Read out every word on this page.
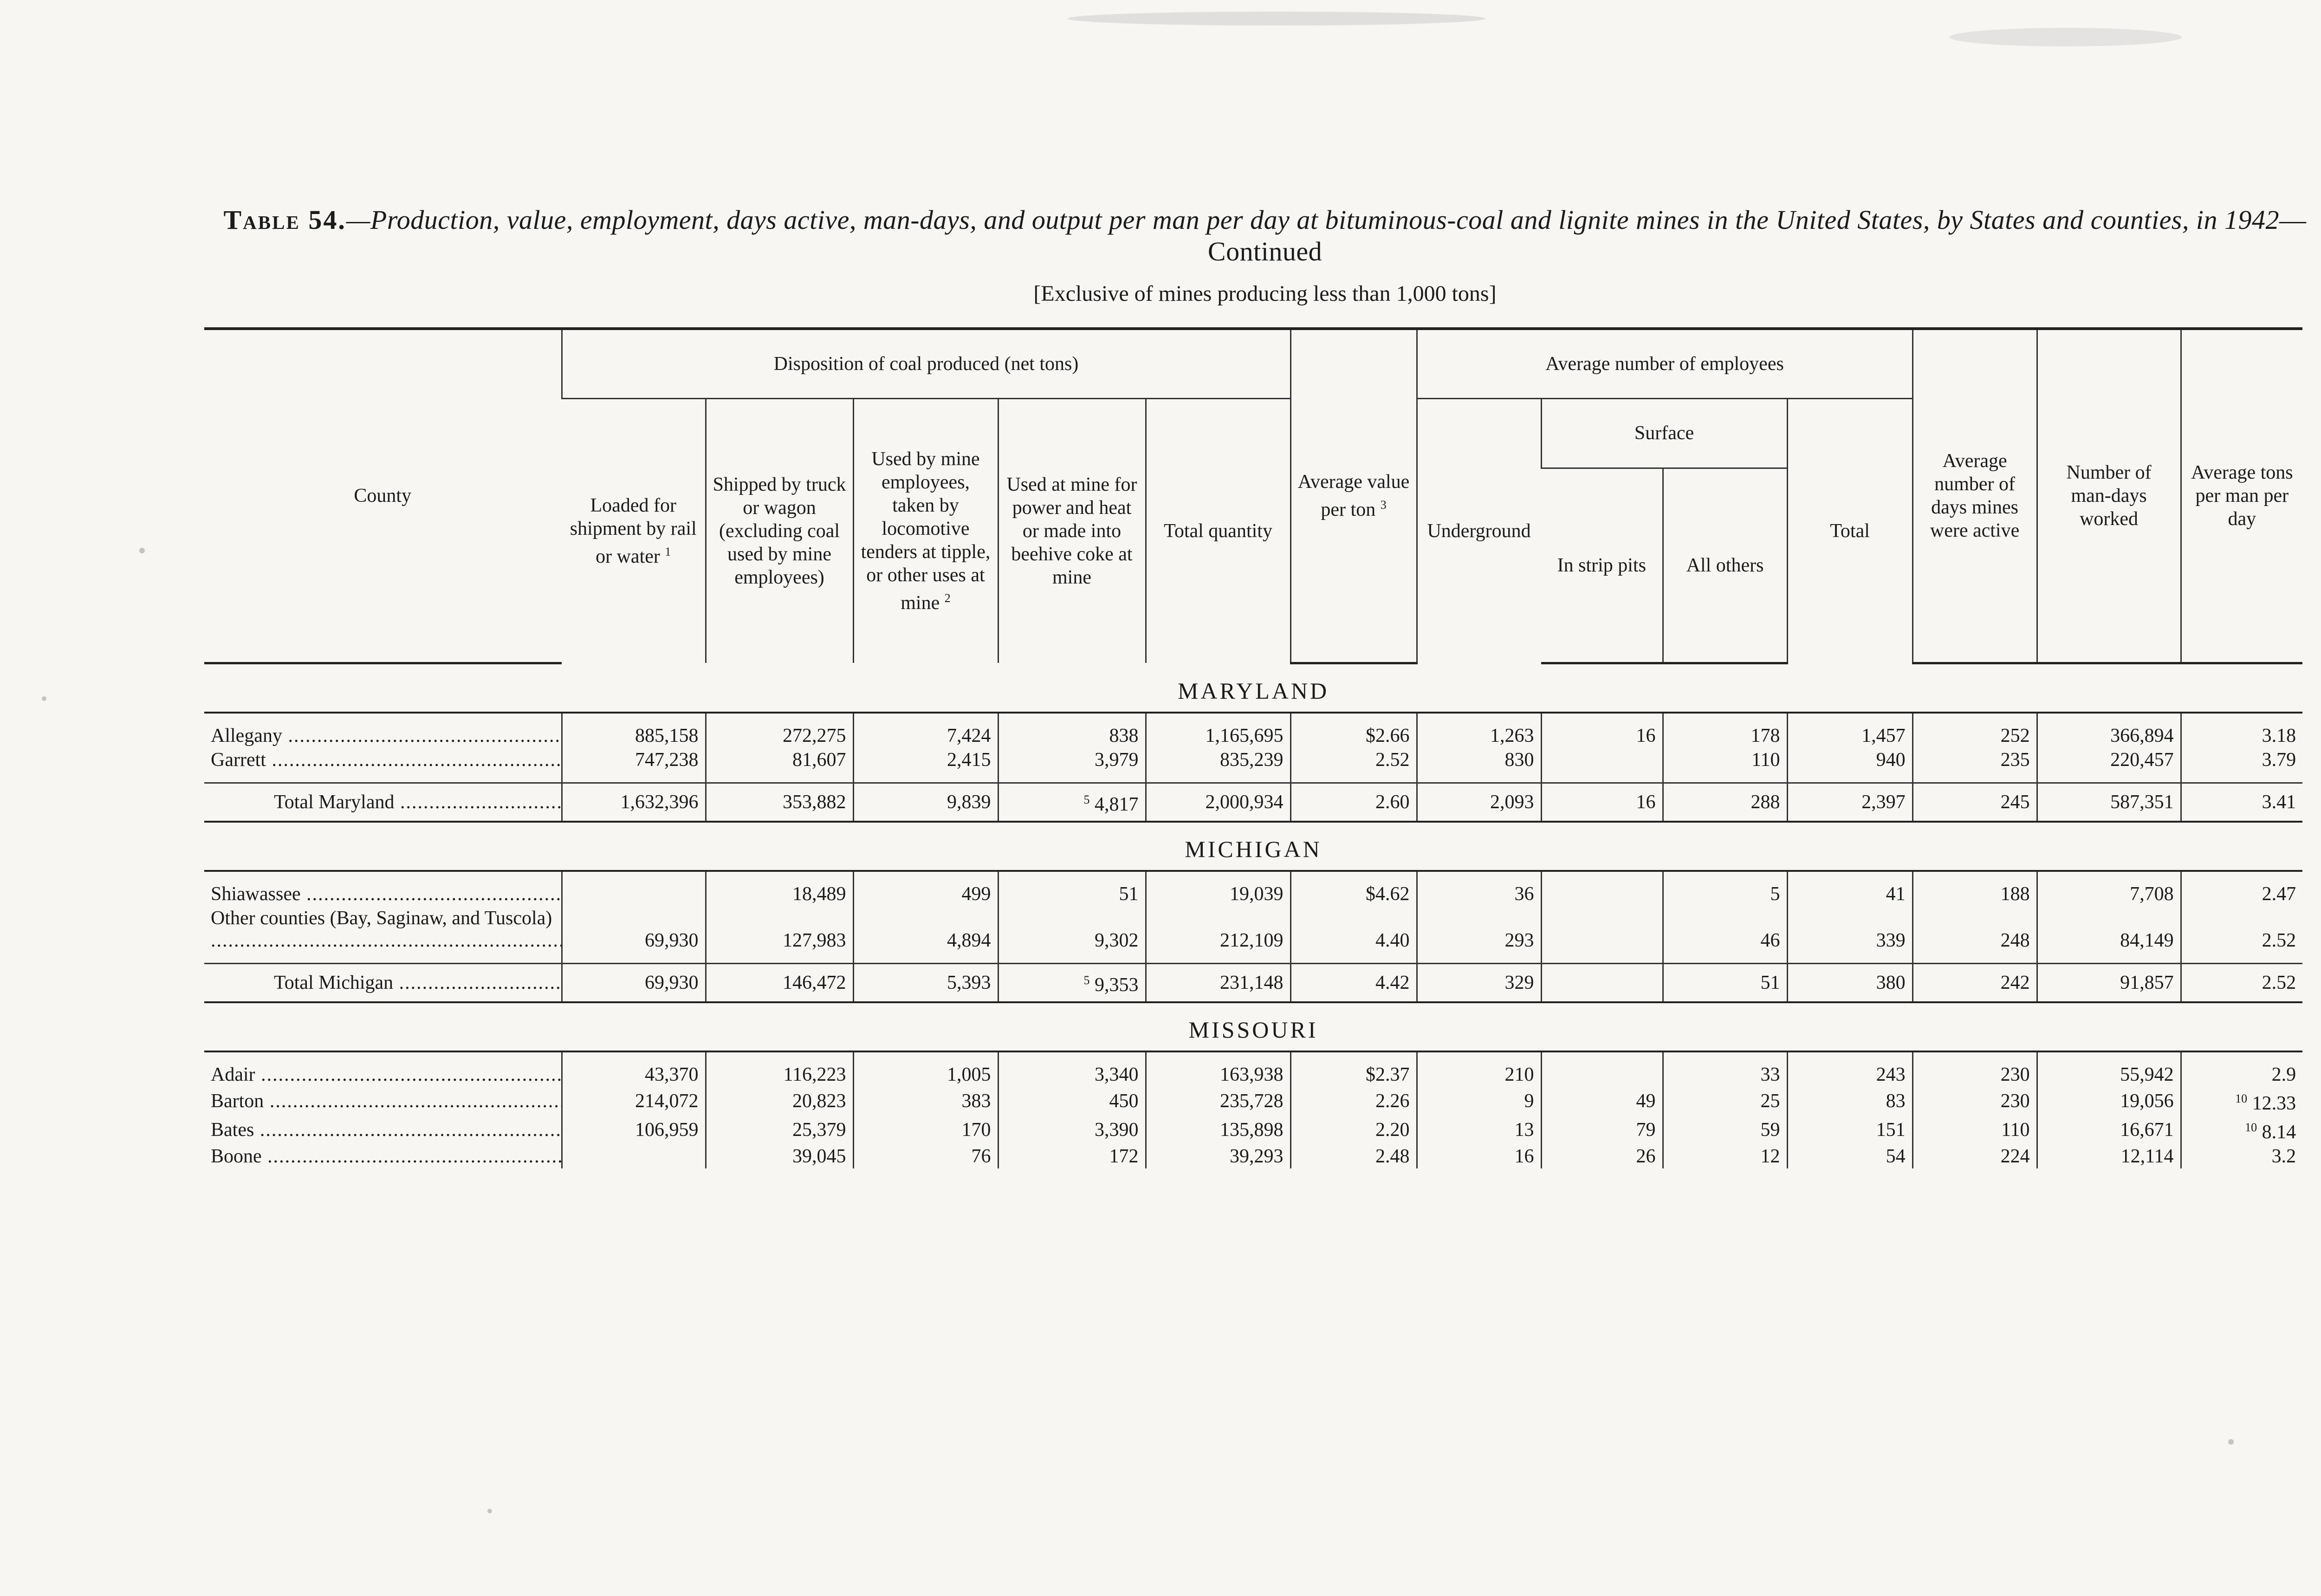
Table 54.—Production, value, employment, days active, man-days, and output per man per day at bituminous-coal and lignite mines in the United States, by States and counties, in 1942—Continued
[Exclusive of mines producing less than 1,000 tons]
County	Disposition of coal produced (net tons)					Average value per ton $^3$	Average number of employees				Average number of days mines were active	Number of man-days worked	Average tons per man per day
	Loaded for shipment by rail or water $^1$	Shipped by truck or wagon (excluding coal used by mine employees)	Used by mine employees, taken by locomotive tenders at tipple, or other uses at mine $^2$	Used at mine for power and heat or made into beehive coke at mine	Total quantity		Underground	Surface		Total			
								In strip pits	All others				
MARYLAND													
Allegany .....	885,158	272,275	7,424	838	1,165,695	$2.66	1,263	16	178	1,457	252	366,894	3.18
Garrett .....	747,238	81,607	2,415	3,979	835,239	2.52	830		110	940	235	220,457	3.79
Total Maryland .....	1,632,396	353,882	9,839	$^5$ 4,817	2,000,934	2.60	2,093	16	288	2,397	245	587,351	3.41
MICHIGAN													
Shiawassee .....		18,489	499	51	19,039	$4.62	36		5	41	188	7,708	2.47
Other counties (Bay, Saginaw, and Tuscola) .....	69,930	127,983	4,894	9,302	212,109	4.40	293		46	339	248	84,149	2.52
Total Michigan .....	69,930	146,472	5,393	$^5$ 9,353	231,148	4.42	329		51	380	242	91,857	2.52
MISSOURI													
Adair .....	43,370	116,223	1,005	3,340	163,938	$2.37	210		33	243	230	55,942	2.9
Barton .....	214,072	20,823	383	450	235,728	2.26	9	49	25	83	230	19,056	$^{10}$ 12.33
Bates .....	106,959	25,379	170	3,390	135,898	2.20	13	79	59	151	110	16,671	$^{10}$ 8.14
Boone .....		39,045	76	172	39,293	2.48	16	26	12	54	224	12,114	3.2
